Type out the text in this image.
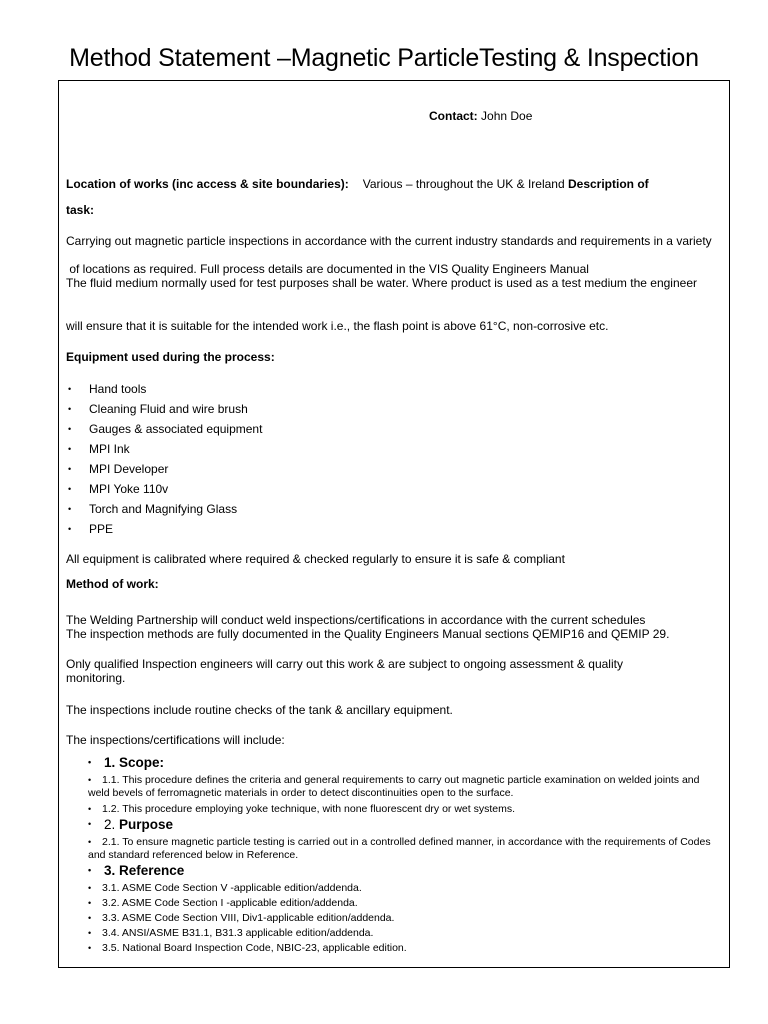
Method Statement –Magnetic ParticleTesting & Inspection
Contact: John Doe
Location of works (inc access & site boundaries): Various – throughout the UK & Ireland Description of
task:
Carrying out magnetic particle inspections in accordance with the current industry standards and requirements in a variety
of locations as required. Full process details are documented in the VIS Quality Engineers Manual
The fluid medium normally used for test purposes shall be water. Where product is used as a test medium the engineer
will ensure that it is suitable for the intended work i.e., the flash point is above 61°C, non-corrosive etc.
Equipment used during the process:
• Hand tools
• Cleaning Fluid and wire brush
• Gauges & associated equipment
• MPI Ink
• MPI Developer
• MPI Yoke 110v
• Torch and Magnifying Glass
• PPE
All equipment is calibrated where required & checked regularly to ensure it is safe & compliant
Method of work:
The Welding Partnership will conduct weld inspections/certifications in accordance with the current schedules
The inspection methods are fully documented in the Quality Engineers Manual sections QEMIP16 and QEMIP 29.
Only qualified Inspection engineers will carry out this work & are subject to ongoing assessment & quality monitoring.
The inspections include routine checks of the tank & ancillary equipment.
The inspections/certifications will include:
• 1. Scope:
• 1.1. This procedure defines the criteria and general requirements to carry out magnetic particle examination on welded joints and weld bevels of ferromagnetic materials in order to detect discontinuities open to the surface.
• 1.2. This procedure employing yoke technique, with none fluorescent dry or wet systems.
• 2. Purpose
• 2.1. To ensure magnetic particle testing is carried out in a controlled defined manner, in accordance with the requirements of Codes and standard referenced below in Reference.
• 3. Reference
• 3.1. ASME Code Section V -applicable edition/addenda.
• 3.2. ASME Code Section I -applicable edition/addenda.
• 3.3. ASME Code Section VIII, Div1-applicable edition/addenda.
• 3.4. ANSI/ASME B31.1, B31.3 applicable edition/addenda.
• 3.5. National Board Inspection Code, NBIC-23, applicable edition.
